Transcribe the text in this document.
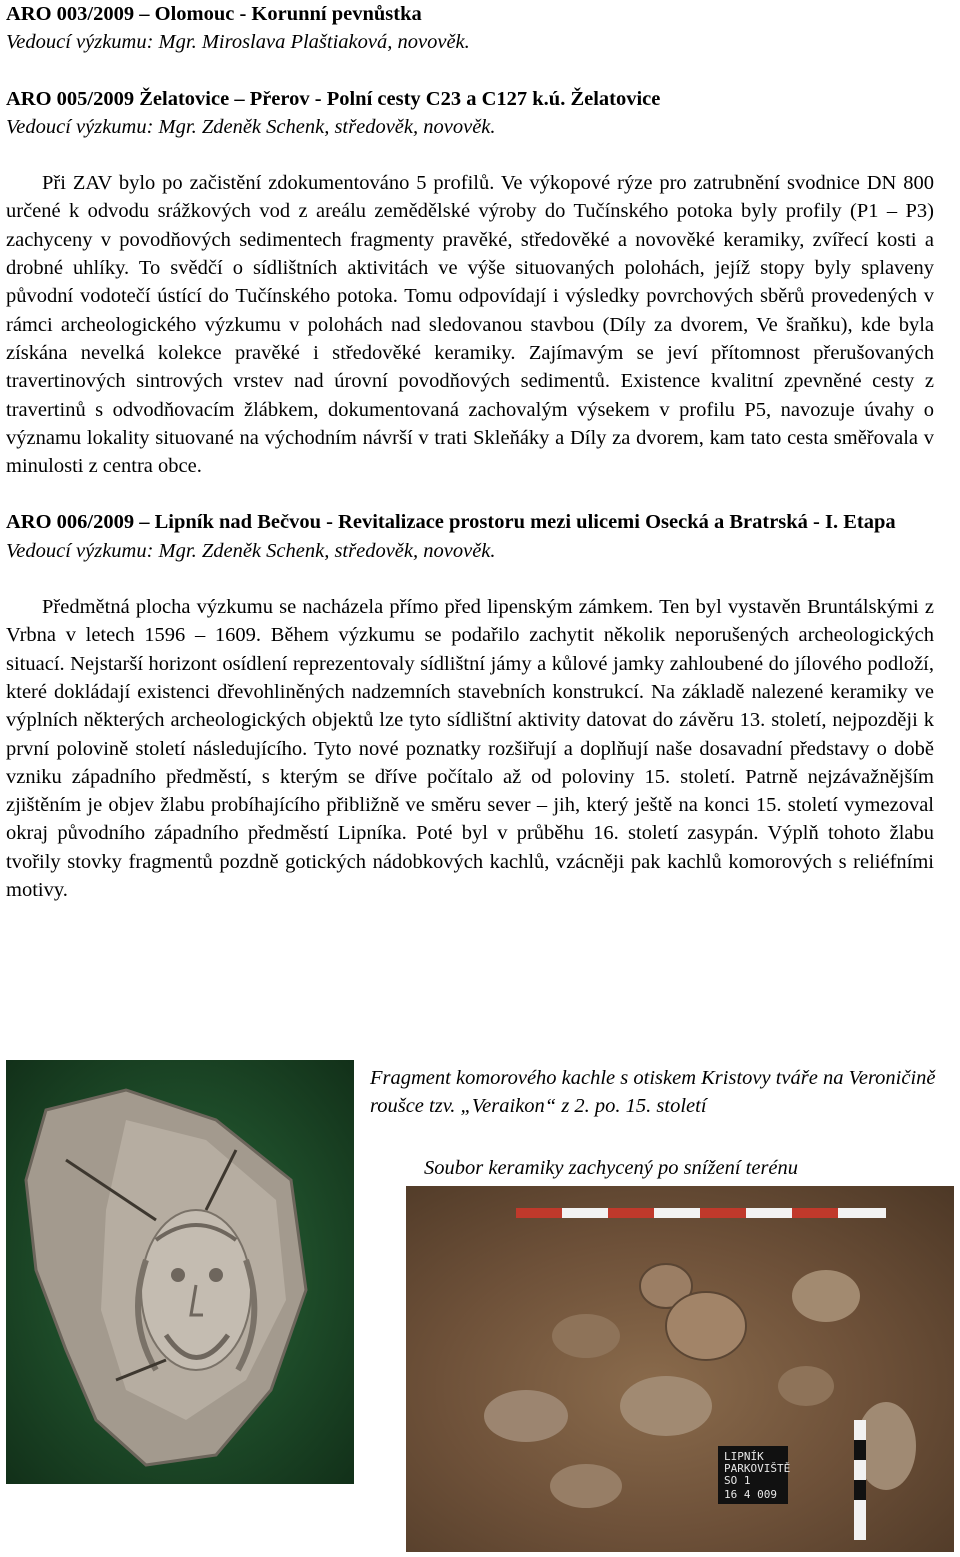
ARO 003/2009 – Olomouc - Korunní pevnůstka

Vedoucí výzkumu: Mgr. Miroslava Plaštiaková, novověk.

ARO 005/2009 Želatovice – Přerov - Polní cesty C23 a C127 k.ú. Želatovice

Vedoucí výzkumu: Mgr. Zdeněk Schenk, středověk, novověk.

Při ZAV bylo po začistění zdokumentováno 5 profilů. Ve výkopové rýze pro zatrubnění svodnice DN 800 určené k odvodu srážkových vod z areálu zemědělské výroby do Tučínského potoka byly profily (P1 – P3) zachyceny v povodňových sedimentech fragmenty pravěké, středověké a novověké keramiky, zvířecí kosti a drobné uhlíky. To svědčí o sídlištních aktivitách ve výše situovaných polohách, jejíž stopy byly splaveny původní vodotečí ústící do Tučínského potoka. Tomu odpovídají i výsledky povrchových sběrů provedených v rámci archeologického výzkumu v polohách nad sledovanou stavbou (Díly za dvorem, Ve šraňku), kde byla získána nevelká kolekce pravěké i středověké keramiky. Zajímavým se jeví přítomnost přerušovaných travertinových sintrových vrstev nad úrovní povodňových sedimentů. Existence kvalitní zpevněné cesty z travertinů s odvodňovacím žlábkem, dokumentovaná zachovalým výsekem v profilu P5, navozuje úvahy o významu lokality situované na východním návrší v trati Skleňáky a Díly za dvorem, kam tato cesta směřovala v minulosti z centra obce.

ARO 006/2009 – Lipník nad Bečvou - Revitalizace prostoru mezi ulicemi Osecká a Bratrská - I. Etapa

Vedoucí výzkumu: Mgr. Zdeněk Schenk, středověk, novověk.

Předmětná plocha výzkumu se nacházela přímo před lipenským zámkem. Ten byl vystavěn Bruntálskými z Vrbna v letech 1596 – 1609. Během výzkumu se podařilo zachytit několik neporušených archeologických situací. Nejstarší horizont osídlení reprezentovaly sídlištní jámy a kůlové jamky zahloubené do jílového podloží, které dokládají existenci dřevohliněných nadzemních stavebních konstrukcí. Na základě nalezené keramiky ve výplních některých archeologických objektů lze tyto sídlištní aktivity datovat do závěru 13. století, nejpozději k první polovině století následujícího. Tyto nové poznatky rozšiřují a doplňují naše dosavadní představy o době vzniku západního předměstí, s kterým se dříve počítalo až od poloviny 15. století. Patrně nejzávažnějším zjištěním je objev žlabu probíhajícího přibližně ve směru sever – jih, který ještě na konci 15. století vymezoval okraj původního západního předměstí Lipníka. Poté byl v průběhu 16. století zasypán. Výplň tohoto žlabu tvořily stovky fragmentů pozdně gotických nádobkových kachlů, vzácněji pak kachlů komorových s reliéfními motivy.

Fragment komorového kachle s otiskem Kristovy tváře na Veroničině roušce tzv. „Veraikon“ z 2. po. 15. století

Soubor keramiky zachycený po snížení terénu

LIPNÍK
PARKOVIŠTĚ
SO 1
16 4 009
